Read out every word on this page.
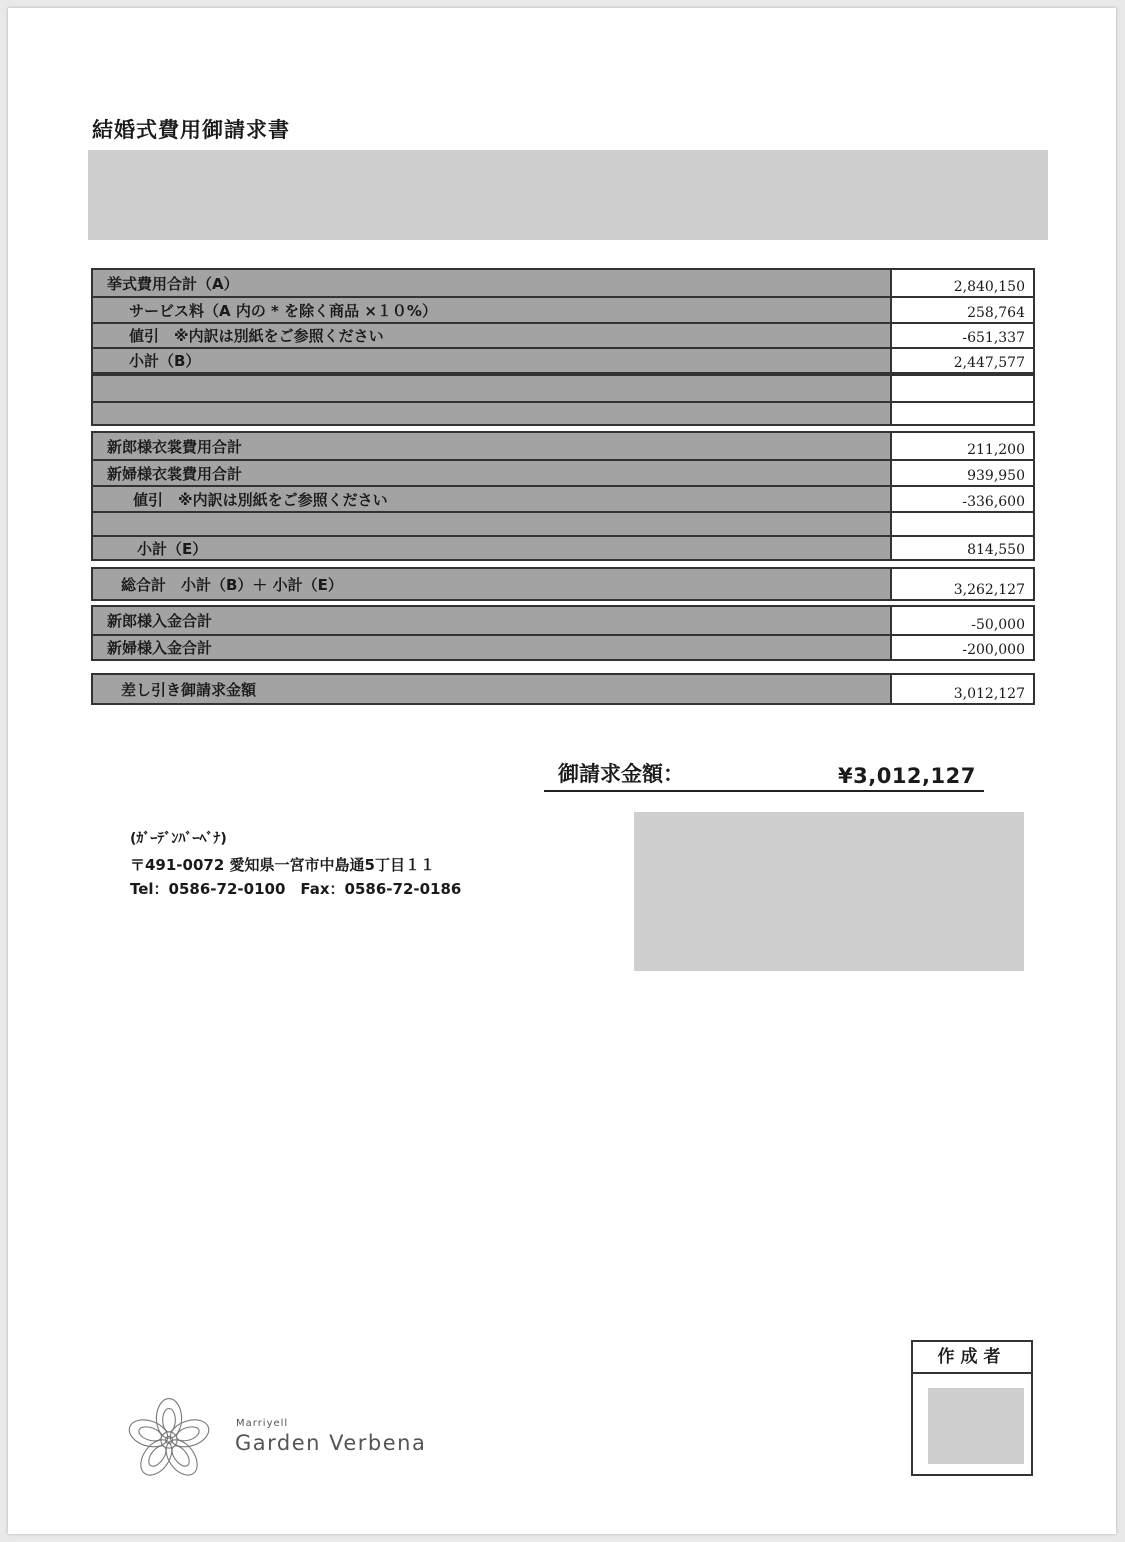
結婚式費用御請求書
挙式費用合計（A）	2,840,150
サービス料（A 内の * を除く商品 ×１０%）	258,764
値引　※内訳は別紙をご参照ください	-651,337
小計（B）	2,447,577
新郎様衣裳費用合計	211,200
新婦様衣裳費用合計	939,950
値引　※内訳は別紙をご参照ください	-336,600
小計（E）	814,550
総合計　小計（B）＋ 小計（E）	3,262,127
新郎様入金合計	-50,000
新婦様入金合計	-200,000
差し引き御請求金額	3,012,127
御請求金額：	¥3,012,127
(ｶﾞｰﾃﾞﾝﾊﾞｰﾍﾞﾅ)
〒491-0072 愛知県一宮市中島通5丁目１１
Tel：0586-72-0100　Fax：0586-72-0186
Marriyell
Garden Verbena
作成者
